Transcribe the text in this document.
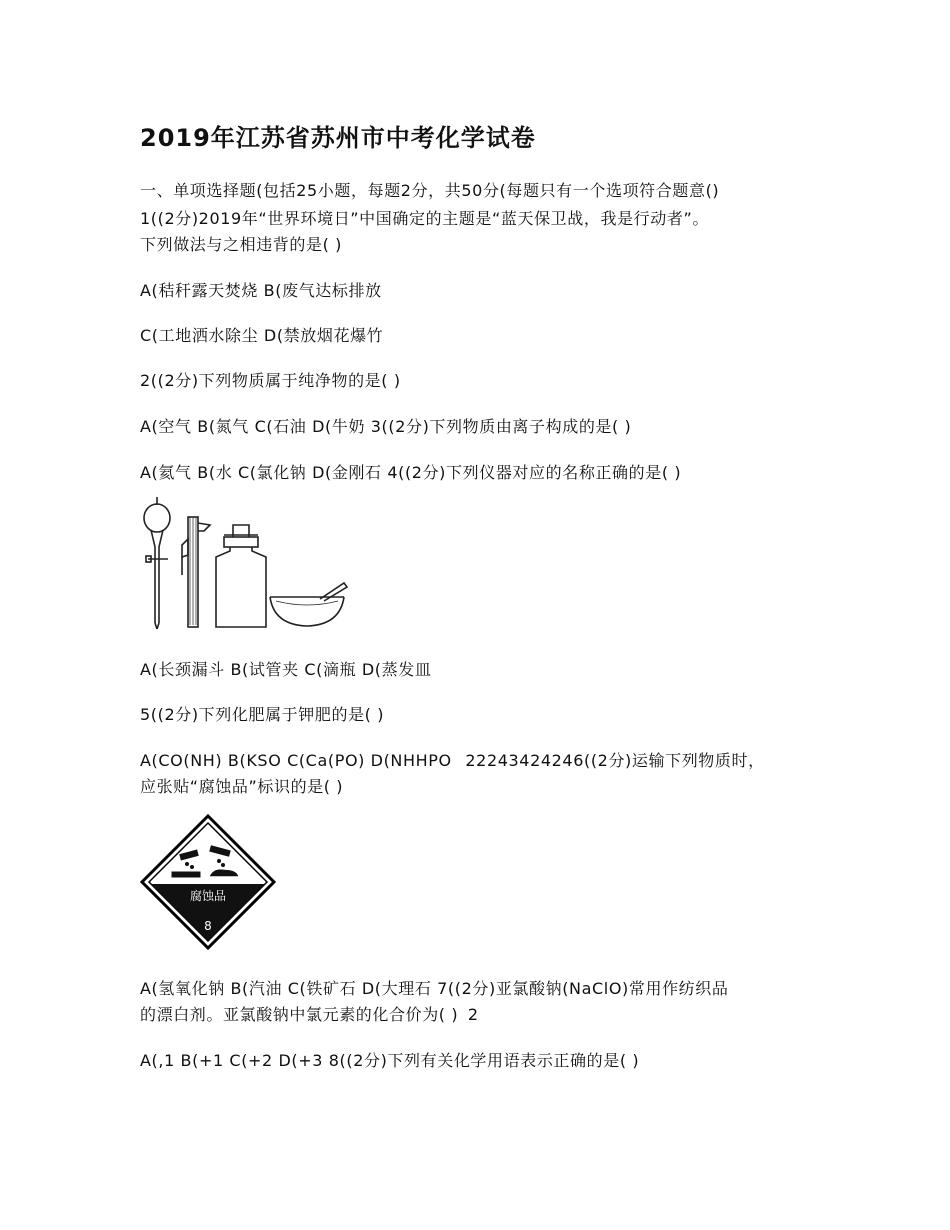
2019年江苏省苏州市中考化学试卷
一、单项选择题(包括25小题，每题2分，共50分(每题只有一个选项符合题意()
1((2分)2019年“世界环境日”中国确定的主题是“蓝天保卫战，我是行动者”。
下列做法与之相违背的是( )
A(秸秆露天焚烧 B(废气达标排放
C(工地洒水除尘 D(禁放烟花爆竹
2((2分)下列物质属于纯净物的是( )
A(空气 B(氮气 C(石油 D(牛奶 3((2分)下列物质由离子构成的是( )
A(氦气 B(水 C(氯化钠 D(金刚石 4((2分)下列仪器对应的名称正确的是( )
A(长颈漏斗 B(试管夹 C(滴瓶 D(蒸发皿
5((2分)下列化肥属于钾肥的是( )
A(CO(NH) B(KSO C(Ca(PO) D(NHHPO 22243424246((2分)运输下列物质时，
应张贴“腐蚀品”标识的是( )
腐蚀品
8
A(氢氧化钠 B(汽油 C(铁矿石 D(大理石 7((2分)亚氯酸钠(NaClO)常用作纺织品
的漂白剂。亚氯酸钠中氯元素的化合价为( ) 2
A(,1 B(+1 C(+2 D(+3 8((2分)下列有关化学用语表示正确的是( )
